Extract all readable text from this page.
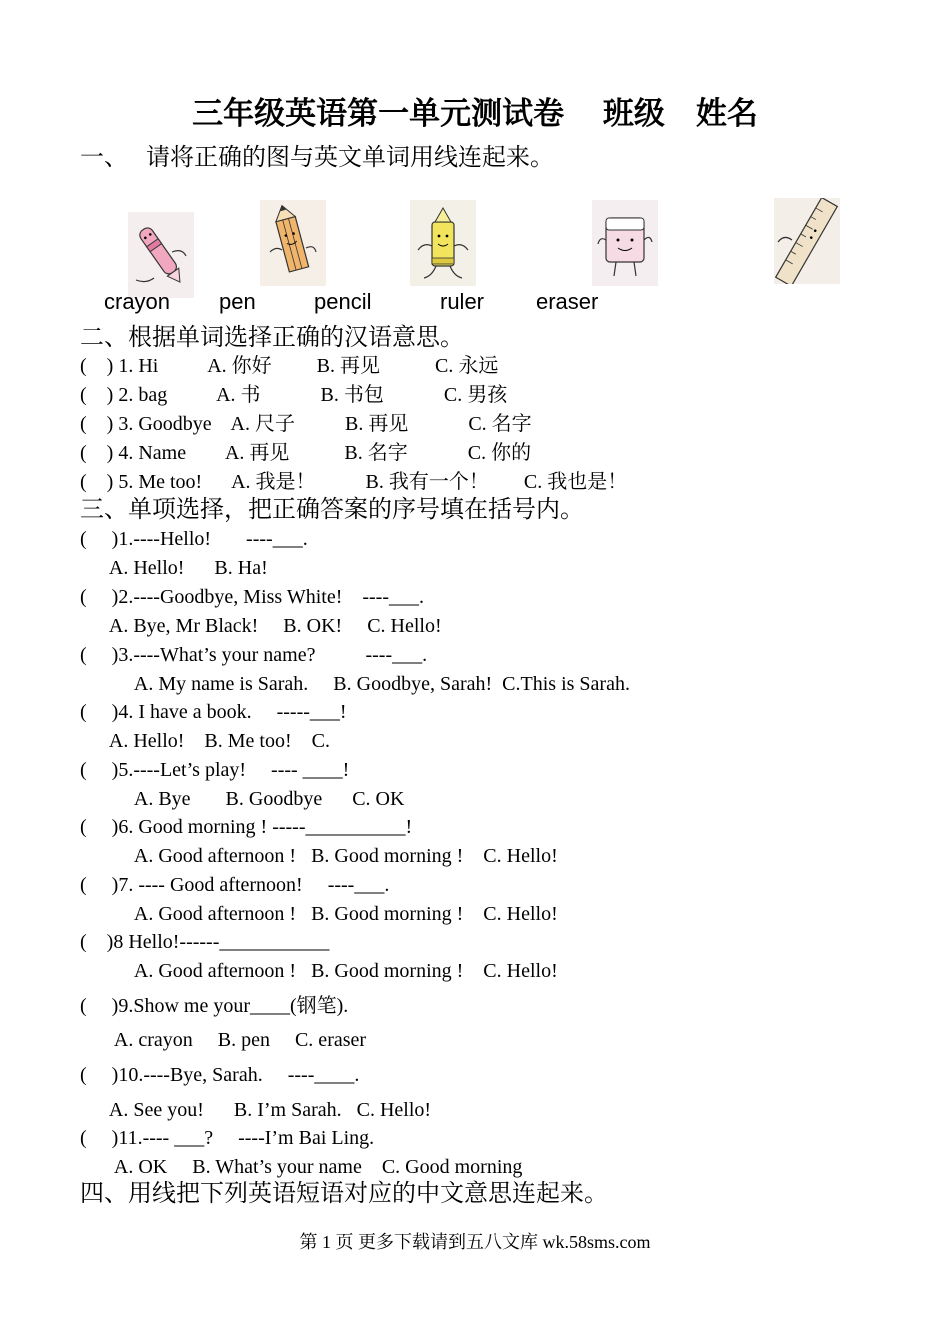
三年级英语第一单元测试卷     班级    姓名
一、   请将正确的图与英文单词用线连起来。
crayon pen	pencil	ruler eraser
二、根据单词选择正确的汉语意思。
(    ) 1. Hi          A. 你好         B. 再见           C. 永远
(    ) 2. bag          A. 书            B. 书包            C. 男孩
(    ) 3. Goodbye    A. 尺子          B. 再见            C. 名字
(    ) 4. Name        A. 再见           B. 名字            C. 你的
(    ) 5. Me too!      A. 我是！          B. 我有一个！       C. 我也是！
三、单项选择，把正确答案的序号填在括号内。
(     )1.----Hello!       ----___.
A. Hello!      B. Ha!
(     )2.----Goodbye, Miss White!    ----___.
A. Bye, Mr Black!     B. OK!     C. Hello!
(     )3.----What’s your name?          ----___.
A. My name is Sarah.     B. Goodbye, Sarah!  C.This is Sarah.
(     )4. I have a book.     -----___!
A. Hello!    B. Me too!    C.
(     )5.----Let’s play!     ---- ____!
A. Bye       B. Goodbye      C. OK
(     )6. Good morning ! -----__________!
A. Good afternoon !   B. Good morning !    C. Hello!
(     )7. ---- Good afternoon!     ----___.
A. Good afternoon !   B. Good morning !    C. Hello!
(    )8 Hello!------___________
A. Good afternoon !   B. Good morning !    C. Hello!
(     )9.Show me your____(钢笔).
A. crayon     B. pen     C. eraser
(     )10.----Bye, Sarah.     ----____.
A. See you!      B. I’m Sarah.   C. Hello!
(     )11.---- ___?     ----I’m Bai Ling.
A. OK     B. What’s your name    C. Good morning
四、用线把下列英语短语对应的中文意思连起来。
第 1 页 更多下载请到五八文库 wk.58sms.com
